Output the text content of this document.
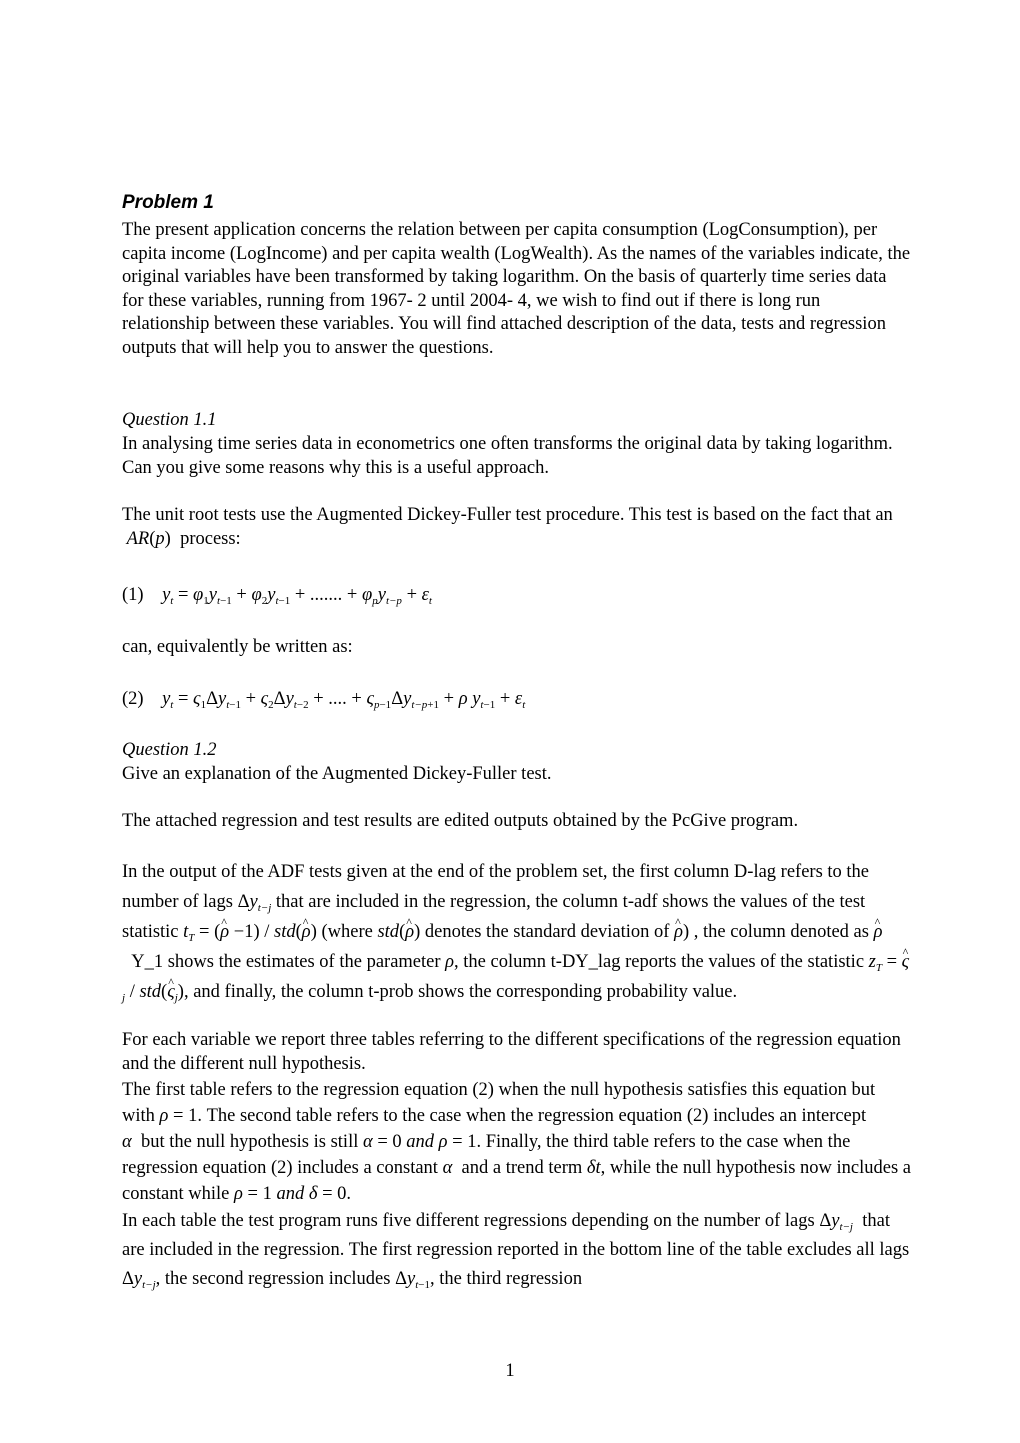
Problem 1

The present application concerns the relation between per capita consumption (LogConsumption), per capita income (LogIncome) and per capita wealth (LogWealth). As the names of the variables indicate, the original variables have been transformed by taking logarithm. On the basis of quarterly time series data for these variables, running from 1967- 2 until 2004- 4, we wish to find out if there is long run relationship between these variables. You will find attached description of the data, tests and regression outputs that will help you to answer the questions.

Question 1.1

In analysing time series data in econometrics one often transforms the original data by taking logarithm. Can you give some reasons why this is a useful approach.

The unit root tests use the Augmented Dickey-Fuller test procedure. This test is based on the fact that an  AR(p)  process:

(1) $y_t = \varphi_1y_{t-1} + \varphi_2y_{t-1}$ + ....... + $\varphi_py_{t-p} + \varepsilon_t$

can, equivalently be written as:

(2) $y_t = \varsigma_1\Delta y_{t-1} + \varsigma_2\Delta y_{t-2}$ + .... + $\varsigma_{p-1}\Delta y_{t-p+1} + \rho$ $y_{t-1} + \varepsilon_t$

Question 1.2

Give an explanation of the Augmented Dickey-Fuller test.

The attached regression and test results are edited outputs obtained by the PcGive program.

In the output of the ADF tests given at the end of the problem set, the first column D-lag refers to the number of lags $\Delta y_{t-j}$ that are included in the regression, the column t-adf shows the values of the test statistic $t_T$ = (^ ρ −1) / std(^ ρ) (where std(^ ρ) denotes the standard deviation of ^ ρ) , the column denoted as ^ ρ  Y_1 shows the estimates of the parameter ρ, the column t-DY_lag reports the values of the statistic $z_T$ = ^ $\varsigma_j$ / std(^ $\varsigma_j$), and finally, the column t-prob shows the corresponding probability value.

For each variable we report three tables referring to the different specifications of the regression equation and the different null hypothesis.

The first table refers to the regression equation (2) when the null hypothesis satisfies this equation but with ρ = 1. The second table refers to the case when the regression equation (2) includes an intercept α but the null hypothesis is still α = 0 and ρ = 1. Finally, the third table refers to the case when the regression equation (2) includes a constant α and a trend term δt, while the null hypothesis now includes a constant while ρ = 1 and δ = 0.

In each table the test program runs five different regressions depending on the number of lags $\Delta y_{t-j}$ that are included in the regression. The first regression reported in the bottom line of the table excludes all lags $\Delta y_{t-j}$, the second regression includes $\Delta y_{t-1}$, the third regression

1
